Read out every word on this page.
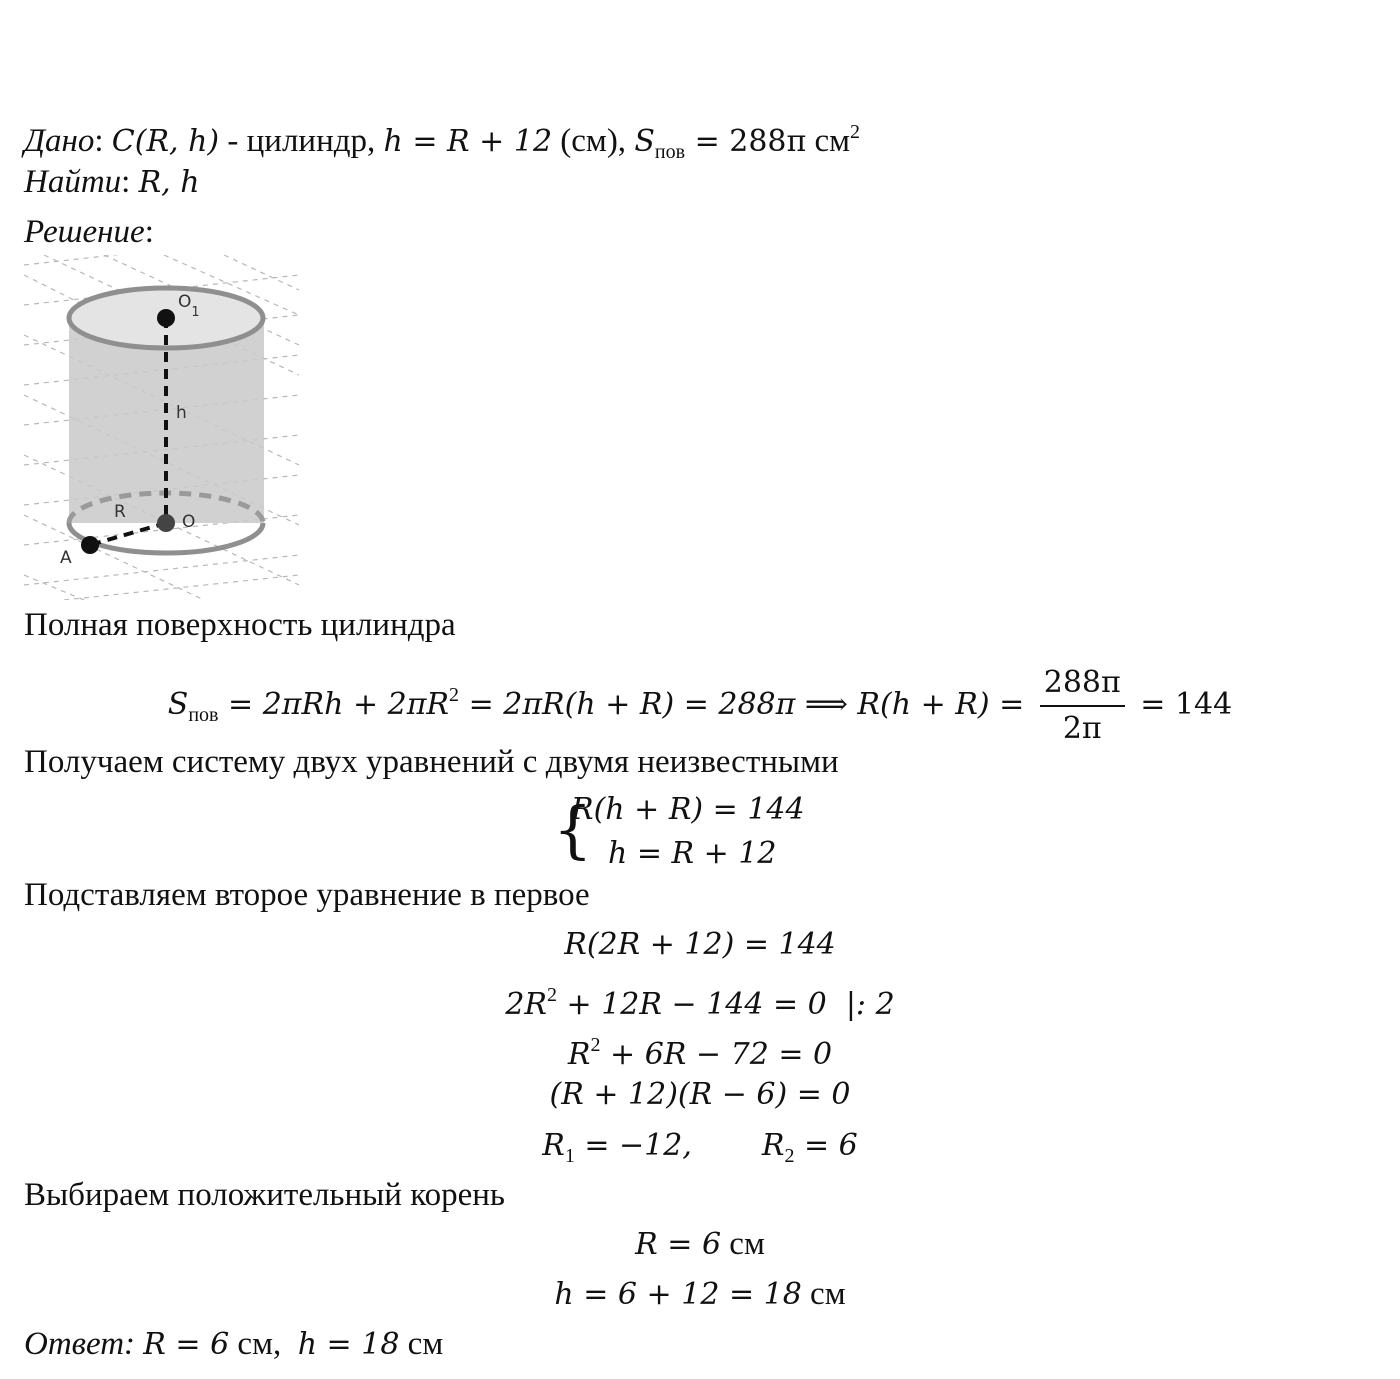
Дано: C(R, h) - цилиндр, h = R + 12 (см), $S_{пов} = 288\pi$ $см^2$
Найти: R, h
Решение:
$O_1$
h
R	O
A
Полная поверхность цилиндра
$S_{пов} = 2\pi Rh + 2\pi R^2 = 2\pi R(h + R) = 288\pi$ ⟹ $R(h + R) = \frac{288\pi}{2\pi} = 144$
Получаем систему двух уравнений с двумя неизвестными
{
R(h + R) = 144
h = R + 12
Подставляем второе уравнение в первое
R(2R + 12) = 144
$2R^2 + 12R - 144 = 0$  |: 2
$R^2 + 6R - 72 = 0$
(R + 12)(R − 6) = 0
$R_1 = -12$, $R_2 = 6$
Выбираем положительный корень
R = 6 см
h = 6 + 12 = 18 см
Ответ: R = 6 см, h = 18 см
